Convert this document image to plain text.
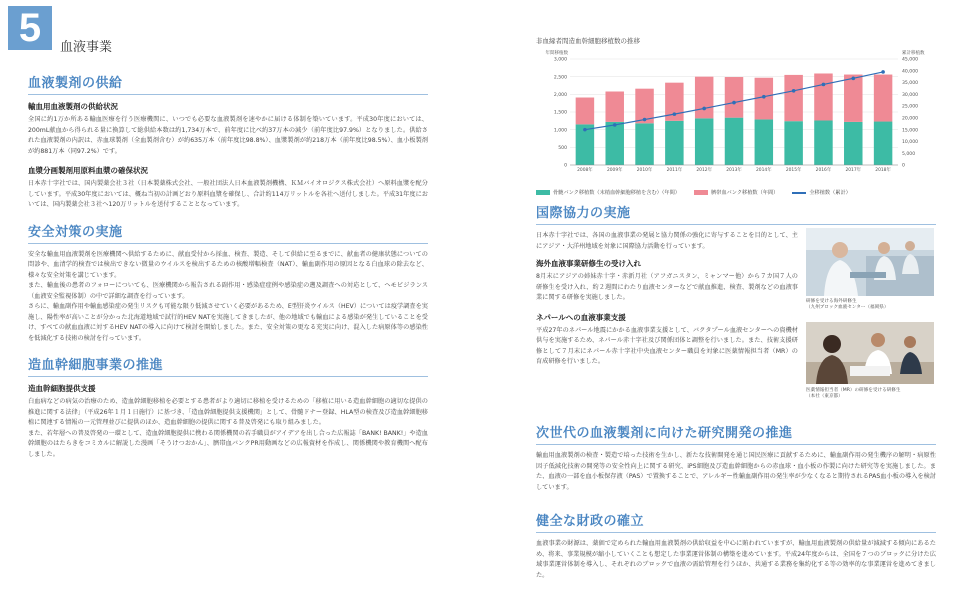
5	血液事業
血液製剤の供給
輸血用血液製剤の供給状況

全国に約1万か所ある輸血医療を行う医療機関に、いつでも必要な血液製剤を速やかに届ける体制を築いています。平成30年度においては、200mL献血から得られる量に換算して総供給本数は約1,734万本で、前年度に比べ約37万本の減少（前年度比97.9%）となりました。供給された血液製剤の内訳は、赤血球製剤（全血製剤含む）が約635万本（前年度比98.8%）、血漿製剤が約218万本（前年度比98.5%）、血小板製剤が約881万本（同97.2%）です。

血漿分画製剤用原料血漿の確保状況

日本赤十字社では、国内製薬会社３社（日本製薬株式会社、一般社団法人日本血液製剤機構、ＫＭバイオロジクス株式会社）へ原料血漿を配分しています。平成30年度においては、概ね当初の計画どおり原料血漿を確保し、合計約114万リットルを各社へ送付しました。平成31年度においては、国内製薬会社３社へ120万リットルを送付することとなっています。

安全対策の実施

安全な輸血用血液製剤を医療機関へ供給するために、献血受付から採血、検査、製造、そして供給に至るまでに、献血者の健康状態についての問診や、血清学的検査では検出できない微量のウイルスを検出するための核酸増幅検査（NAT）、輸血副作用の原因となる白血球の除去など、様々な安全対策を講じています。

また、輸血後の患者のフォローについても、医療機関から報告される副作用・感染症症例や感染症の遡及調査への対応として、ヘモビジランス（血液安全監視体制）の中で詳細な調査を行っています。

さらに、輸血副作用や輸血感染症の発生リスクも可能な限り低減させていく必要があるため、E型肝炎ウイルス（HEV）については疫学調査を実施し、陽性率が高いことが分かった北海道地域で試行的HEV NATを実施してきましたが、他の地域でも輸血による感染が発生していることを受け、すべての献血血液に対するHEV NATの導入に向けて検討を開始しました。また、安全対策の更なる充実に向け、混入した病原体等の感染性を低減化する技術の検討を行っています。

造血幹細胞事業の推進
造血幹細胞提供支援

白血病などの病気の治療のため、造血幹細胞移植を必要とする患者がより適切に移植を受けるための「移植に用いる造血幹細胞の適切な提供の推進に関する法律」（平成26年１月１日施行）に基づき、「造血幹細胞提供支援機関」として、骨髄ドナー登録、HLA型の検査及び造血幹細胞移植に関連する情報の一元管理並びに提供のほか、造血幹細胞の提供に関する普及啓発にも取り組みました。

また、若年層への普及啓発の一環として、造血幹細胞提供に携わる関係機関の若手職員がアイデアを出し合った広報誌「BANK! BANK!」や造血幹細胞のはたらきをコミカルに解説した漫画「そうけつおかん」、臍帯血バンクPR用動画などの広報資材を作成し、関係機関や教育機関へ配布しました。

非血縁者間造血幹細胞移植数の推移
年間移植数	累計移植数
0
500
1,000
1,500
2,000
2,500
3,000
0
5,000
10,000
15,000
20,000
25,000
30,000
35,000
40,000
45,000
2008年	2009年	2010年	2011年	2012年	2013年	2014年	2015年	2016年	2017年	2018年
骨髄バンク移植数（末梢血幹細胞移植を含む）（年間）	臍帯血バンク移植数（年間）	全移植数（累計）
国際協力の実施

日本赤十字社では、各国の血液事業の発展と協力関係の強化に寄与することを目的として、主にアジア・大洋州地域を対象に国際協力活動を行っています。

海外血液事業研修生の受け入れ

8月末にアジアの姉妹赤十字・赤新月社（アフガニスタン、ミャンマー他）から７カ国７人の研修生を受け入れ、約２週間にわたり血液センターなどで献血推進、検査、製剤などの血液事業に関する研修を実施しました。

ネパールへの血液事業支援

平成27年のネパール地震にかかる血液事業支援として、バクタプール血液センターへの資機材供与を実施するため、ネパール赤十字社及び関係団体と調整を行いました。また、技術支援研修として７月末にネパール赤十字社中央血液センター職員を対象に医薬情報担当者（MR）の育成研修を行いました。

研修を受ける海外研修生
（九州ブロック血液センター（福岡県）
医薬情報担当者（MR）の研修を受ける研修生
（本社（東京都）
次世代の血液製剤に向けた研究開発の推進

輸血用血液製剤の検査・製造で培った技術を生かし、新たな技術開発を通じ国民医療に貢献するために、輸血副作用の発生機序の解明・病原性因子低減化技術の開発等の安全性向上に関する研究、iPS細胞及び造血幹細胞からの赤血球・血小板の作製に向けた研究等を実施しました。また、血液の一部を血小板保存液（PAS）で置換することで、アレルギー性輸血副作用の発生率が少なくなると期待されるPAS血小板の導入を検討しています。

健全な財政の確立

血液事業の財源は、薬価で定められた輸血用血液製剤の供給収益を中心に賄われていますが、輸血用血液製剤の供給量が減減する傾向にあるため、将来、事業規模が縮小していくことも想定した事業運営体制の構築を進めています。平成24年度からは、全国を７つのブロックに分けた広域事業運営体制を導入し、それぞれのブロックで血液の需給管理を行うほか、共通する業務を集約化する等の効率的な事業運営を進めてきました。
